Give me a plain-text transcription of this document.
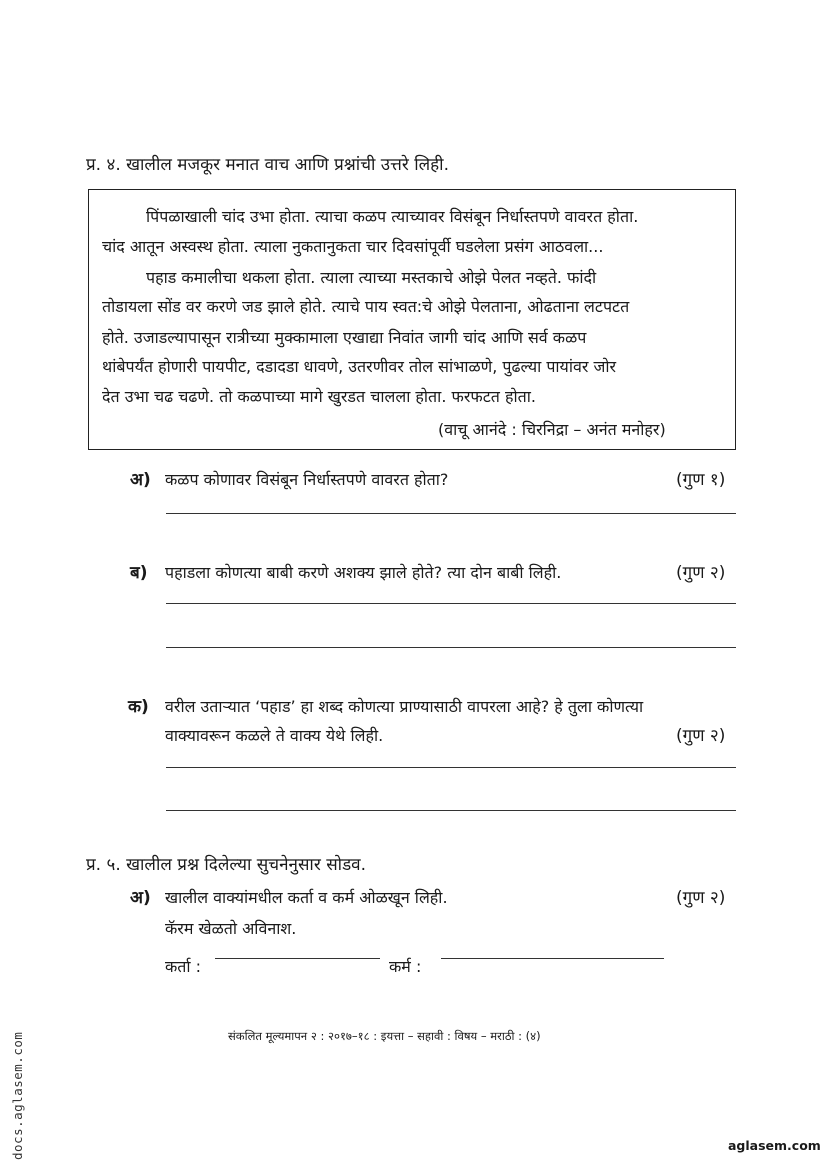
प्र. ४. खालील मजकूर मनात वाच आणि प्रश्नांची उत्तरे लिही.
पिंपळाखाली चांद उभा होता. त्याचा कळप त्याच्यावर विसंबून निर्धास्तपणे वावरत होता.
चांद आतून अस्वस्थ होता. त्याला नुकतानुकता चार दिवसांपूर्वी घडलेला प्रसंग आठवला...
पहाड कमालीचा थकला होता. त्याला त्याच्या मस्तकाचे ओझे पेलत नव्हते. फांदी
तोडायला सोंड वर करणे जड झाले होते. त्याचे पाय स्वत:चे ओझे पेलताना, ओढताना लटपटत
होते. उजाडल्यापासून रात्रीच्या मुक्कामाला एखाद्या निवांत जागी चांद आणि सर्व कळप
थांबेपर्यंत होणारी पायपीट, दडादडा धावणे, उतरणीवर तोल सांभाळणे, पुढल्या पायांवर जोर
देत उभा चढ चढणे. तो कळपाच्या मागे खुरडत चालला होता. फरफटत होता.
(वाचू आनंदे : चिरनिद्रा – अनंत मनोहर)
अ) कळप कोणावर विसंबून निर्धास्तपणे वावरत होता?	(गुण १)
ब) पहाडला कोणत्या बाबी करणे अशक्य झाले होते? त्या दोन बाबी लिही.	(गुण २)
क) वरील उताऱ्यात ‘पहाड’ हा शब्द कोणत्या प्राण्यासाठी वापरला आहे? हे तुला कोणत्या
वाक्यावरून कळले ते वाक्य येथे लिही.	(गुण २)
प्र. ५. खालील प्रश्न दिलेल्या सुचनेनुसार सोडव.
अ) खालील वाक्यांमधील कर्ता व कर्म ओळखून लिही.	(गुण २)
कॅरम खेळतो अविनाश.
कर्ता :	कर्म :
संकलित मूल्यमापन २ : २०१७–१८ : इयत्ता – सहावी : विषय – मराठी : (४)
docs.aglasem.com	aglasem.com
